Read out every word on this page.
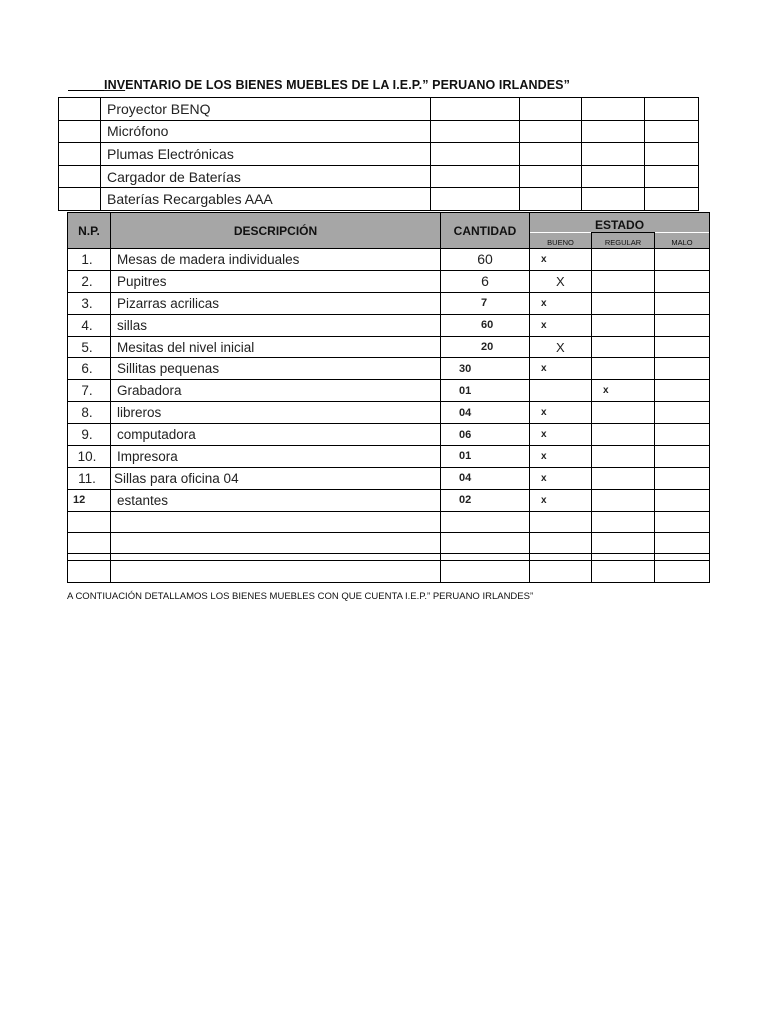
INVENTARIO DE LOS BIENES MUEBLES DE LA I.E.P.” PERUANO IRLANDES”
	Proyector BENQ				
	Micrófono				
	Plumas Electrónicas				
	Cargador de Baterías				
	Baterías Recargables AAA				
N.P.	DESCRIPCIÓN	CANTIDAD	ESTADO		
			BUENO	REGULAR	MALO
1.	Mesas de madera individuales	60	x		
2.	Pupitres	6	X		
3.	Pizarras acrilicas	7	x		
4.	sillas	60	x		
5.	Mesitas del nivel inicial	20	X		
6.	Sillitas pequenas	30	x		
7.	Grabadora	01		x	
8.	libreros	04	x		
9.	computadora	06	x		
10.	Impresora	01	x		
11.	Sillas para oficina 04	04	x		
12	estantes	02	x		

A CONTIUACIÓN DETALLAMOS LOS BIENES MUEBLES CON QUE CUENTA I.E.P.” PERUANO IRLANDES”
